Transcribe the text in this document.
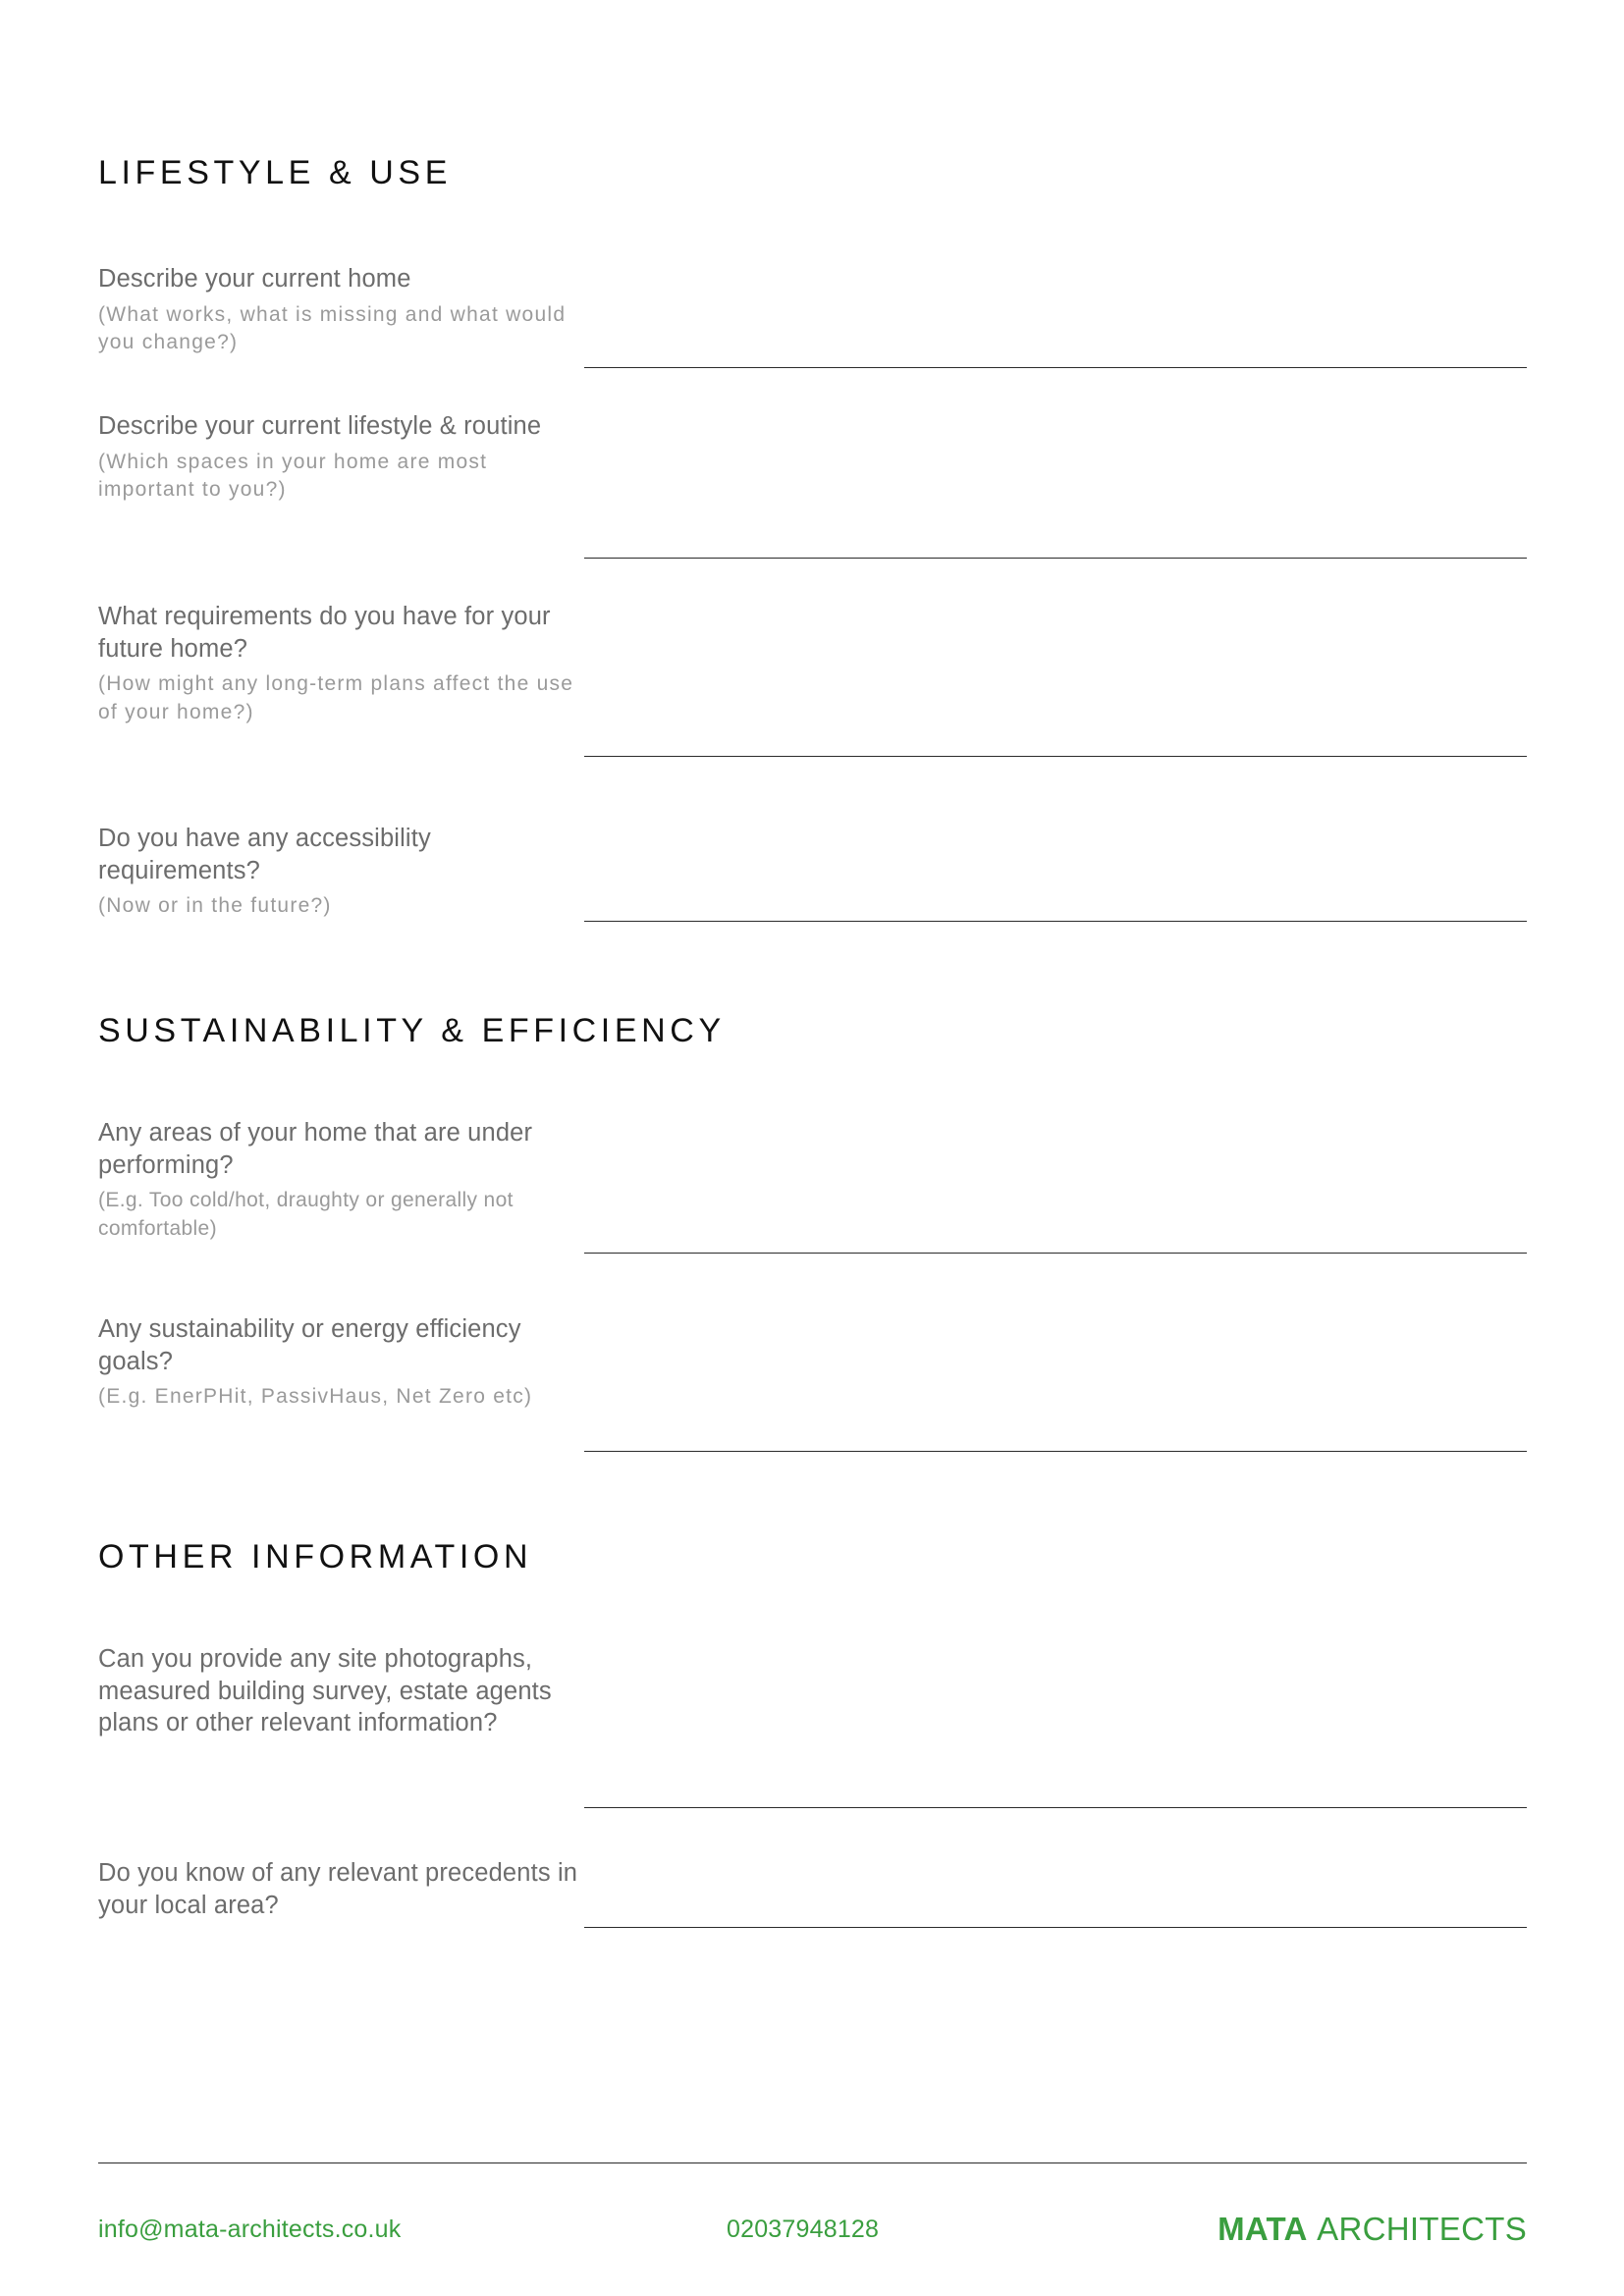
LIFESTYLE & USE

Describe your current home

(What works, what is missing and what would you change?)

Describe your current lifestyle & routine

(Which spaces in your home are most important to you?)

What requirements do you have for your future home?

(How might any long-term plans affect the use of your home?)

Do you have any accessibility requirements?

(Now or in the future?)

SUSTAINABILITY & EFFICIENCY

Any areas of your home that are under performing?

(E.g. Too cold/hot, draughty or generally not comfortable)

Any sustainability or energy efficiency goals?

(E.g. EnerPHit, PassivHaus, Net Zero etc)

OTHER INFORMATION

Can you provide any site photographs, measured building survey, estate agents plans or other relevant information?

Do you know of any relevant precedents in your local area?

info@mata-architects.co.uk	02037948128	MATA ARCHITECTS
